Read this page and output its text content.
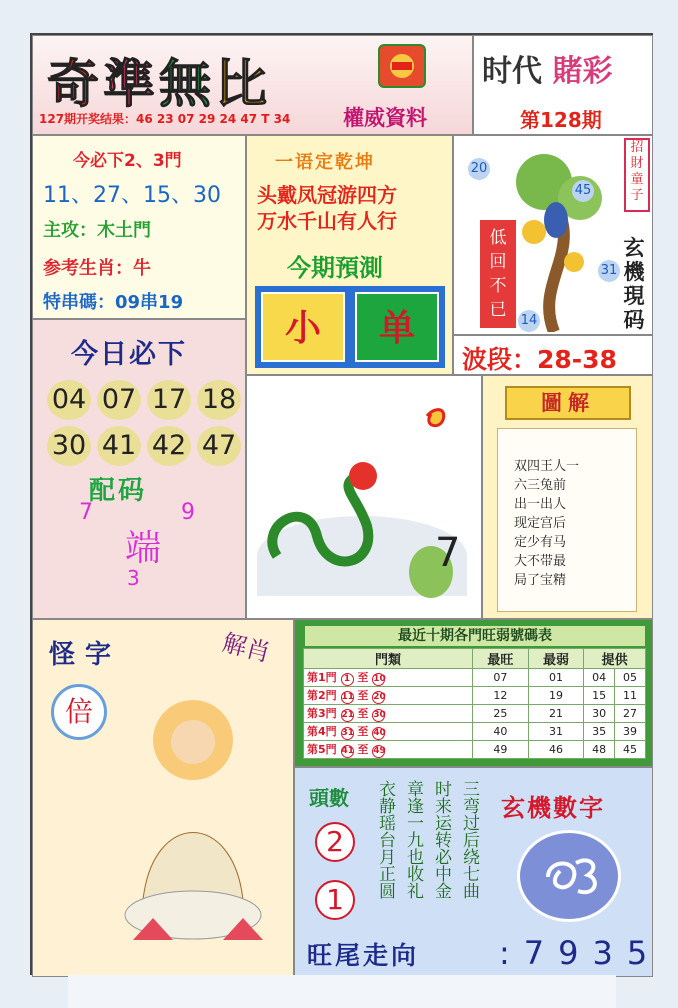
奇準無比
權威資料
127期开奖结果：46 23 07 29 24 47 T 34
时代 賭彩
第128期
今必下2、3門
11、27、15、30
主攻：木土門
参考生肖：牛
特串碼：09串19
一语定乾坤
头戴凤冠游四方
万水千山有人行
今期預測
小	单
20
45
31
14
低
回
不
已
招
財
童
子
玄
機
現
码
波段：28-38
今日必下
04 07 17 18
30 41 42 47
配码
7	9
端
3
7
圖解
双四王人一
六三兔前
出一出人
现定宫后
定少有马
大不带最
局了宝精
怪字	解肖
倍
最近十期各門旺弱號碼表
門類	最旺	最弱	提供	
第1門 1 至 10	07	01	04	05
第2門 11 至 20	12	19	15	11
第3門 21 至 30	25	21	30	27
第4門 31 至 40	40	31	35	39
第5門 41 至 49	49	46	48	45
頭數
2
1
衣静瑶台月正圆 章逢一九也收礼 时来运转必中金 三弯过后绕七曲 玄機數字
旺尾走向 :7935
